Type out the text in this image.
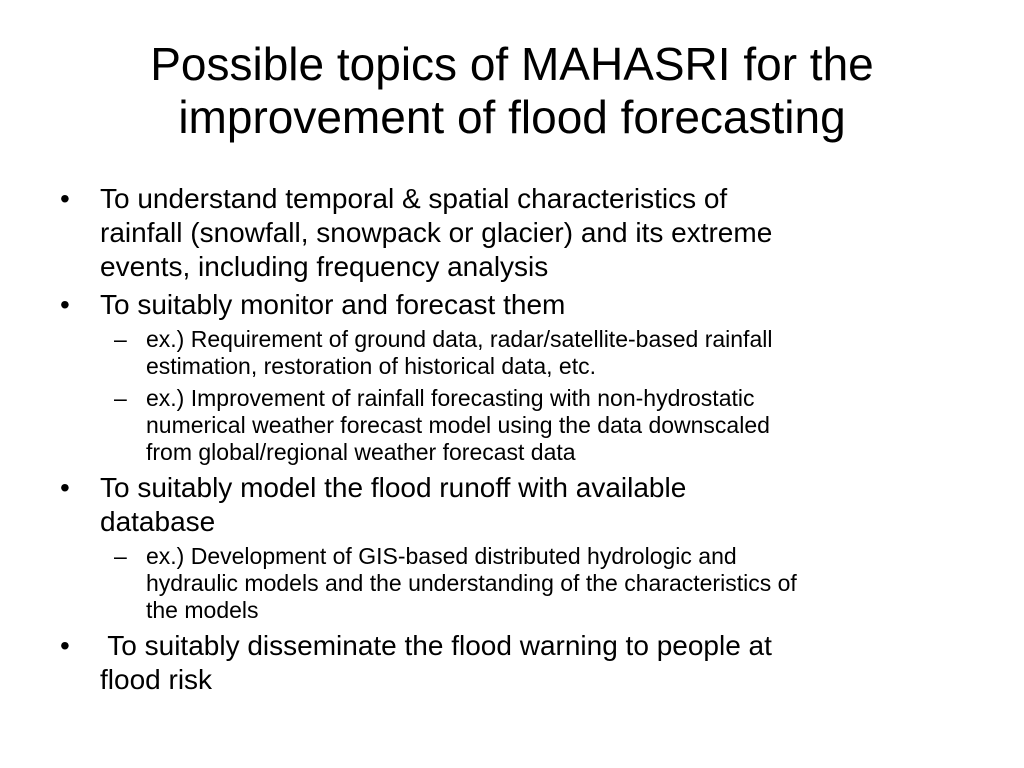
Possible topics of MAHASRI for the
improvement of flood forecasting
•	To understand temporal & spatial characteristics of
rainfall (snowfall, snowpack or glacier) and its extreme
events, including frequency analysis
•	To suitably monitor and forecast them
– ex.) Requirement of ground data, radar/satellite-based rainfall
estimation, restoration of historical data, etc.
– ex.) Improvement of rainfall forecasting with non-hydrostatic
numerical weather forecast model using the data downscaled
from global/regional weather forecast data
•	To suitably model the flood runoff with available
database
– ex.) Development of GIS-based distributed hydrologic and
hydraulic models and the understanding of the characteristics of
the models
•	To suitably disseminate the flood warning to people at
flood risk
